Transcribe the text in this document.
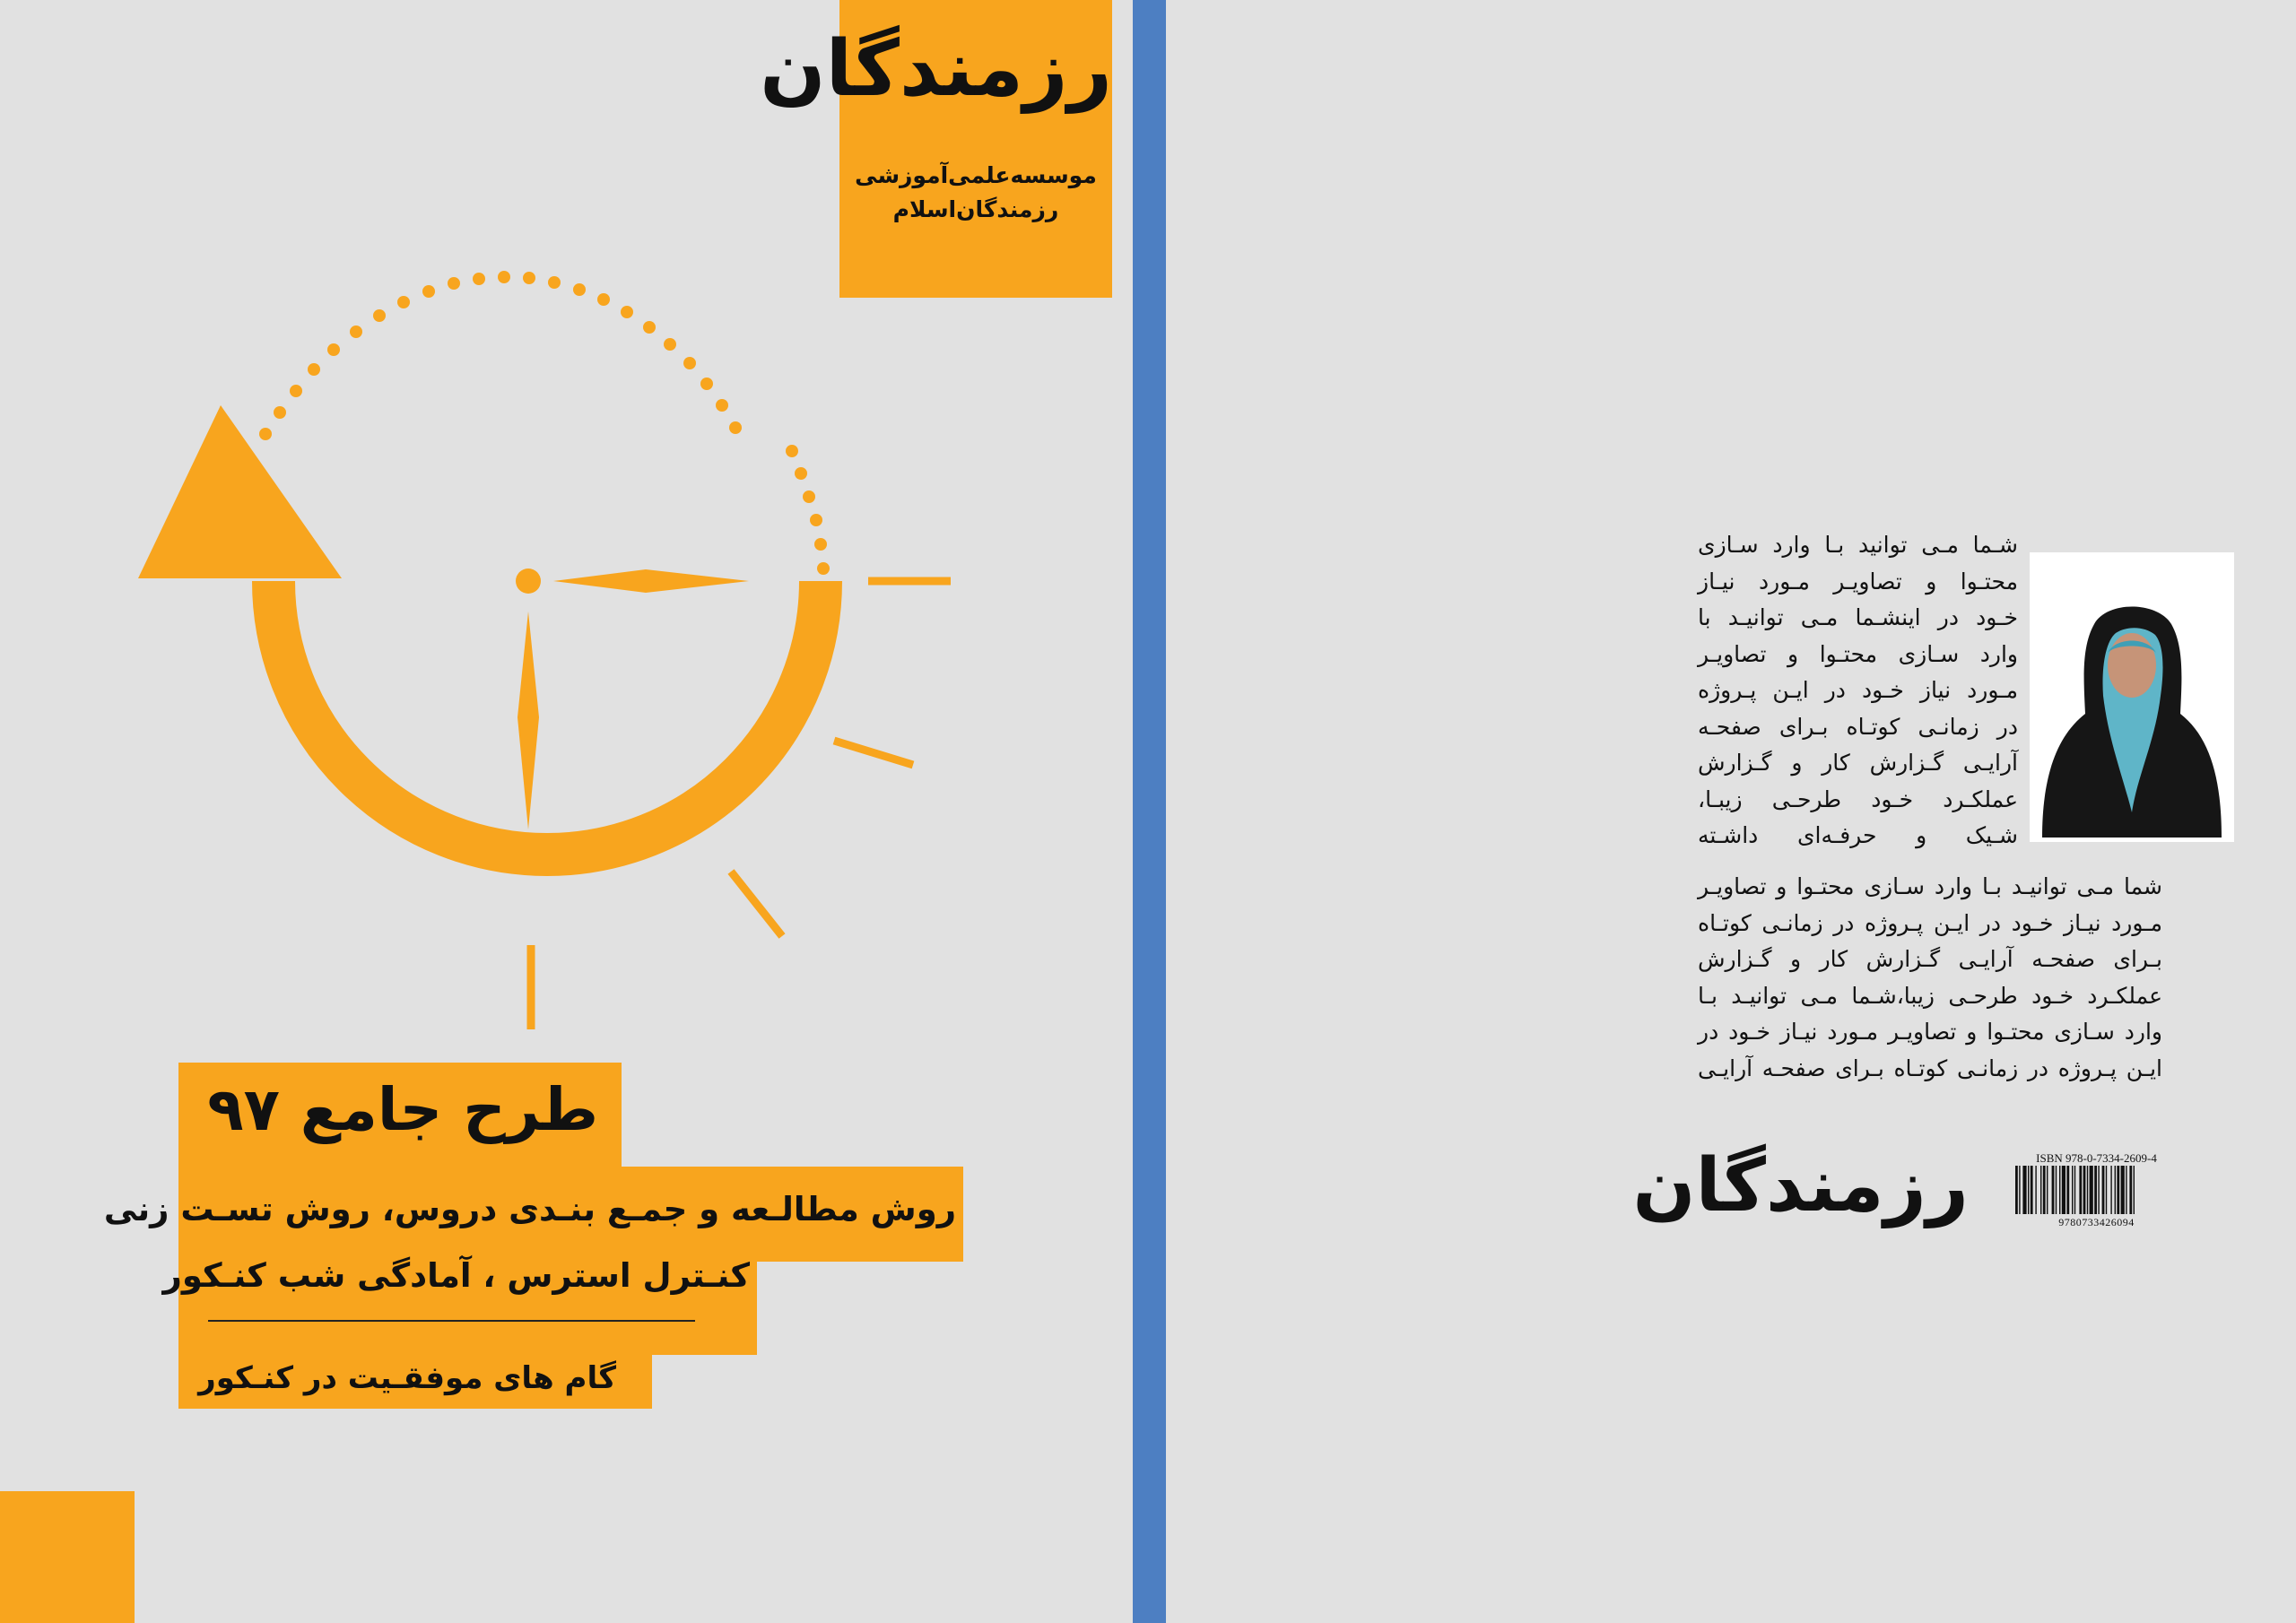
رزمندگان
موسسه‌علمی‌آموزشی
رزمندگان‌اسلام
طرح جامع ۹۷
روش مطالـعه و جمـع بنـدی دروس، روش تسـت زنی
کنـترل استرس ، آمادگی شب کنـکور
گام های موفقـیت در کنـکور
شـما مـی توانید بـا وارد سـازی
محتـوا و تصاویـر مـورد نیـاز
خـود در اینشـما مـی توانیـد با
وارد سـازی محتـوا و تصاویـر
مـورد نیاز خـود در ایـن پـروژه
در زمانـی کوتـاه بـرای صفحـه
آرایـی گـزارش کار و گـزارش
عملکـرد خـود طرحـی زیبـا،
شـیک و حرفـه‌ای داشـته
شما مـی توانیـد بـا وارد سـازی محتـوا و تصاویـر
مـورد نیـاز خـود در ایـن پـروژه در زمانـی کوتـاه
بـرای صفحـه آرایـی گـزارش کار و گـزارش
عملکـرد خـود طرحـی زیبا،شـما مـی توانیـد بـا
وارد سـازی محتـوا و تصاویـر مـورد نیـاز خـود در
ایـن پـروژه در زمانـی کوتـاه بـرای صفحـه آرایـی
رزمندگان	ISBN 978-0-7334-2609-4
9780733426094
